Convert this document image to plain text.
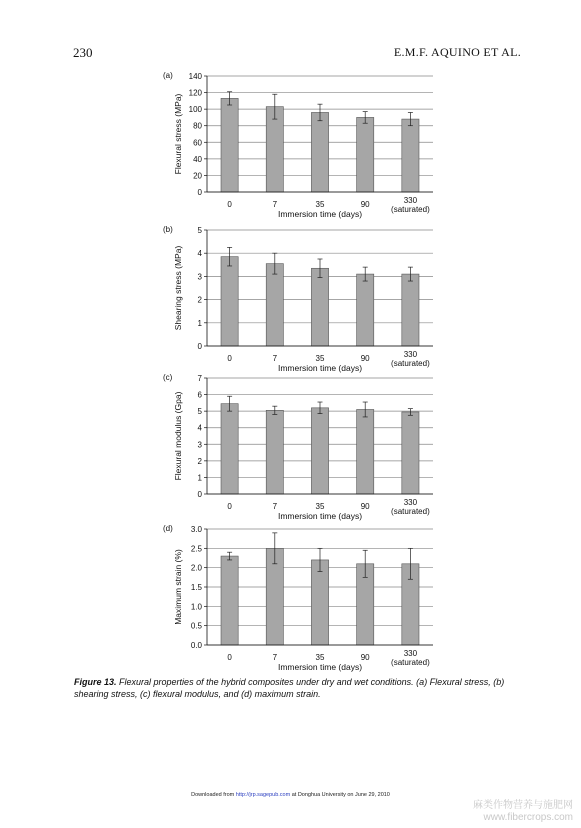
230	E.M.F. AQUINO ET AL.
(a)
0
20
40
60
80
100
120
140
0	7	35	90	330
(saturated)
Immersion time (days)
Flexural stress (MPa)
(b)
0
1
2
3
4
5
0	7	35	90	330
(saturated)
Immersion time (days)
Shearing stress (MPa)
(c)
0
1
2
3
4
5
6
7
0	7	35	90	330
(saturated)
Immersion time (days)
Flexural modulus (Gpa)
(d)
0.0
0.5
1.0
1.5
2.0
2.5
3.0
0	7	35	90	330
(saturated)
Immersion time (days)
Maximum strain (%)
Figure 13. Flexural properties of the hybrid composites under dry and wet conditions. (a) Flexural stress, (b) shearing stress, (c) flexural modulus, and (d) maximum strain.
Downloaded from http://jrp.sagepub.com at Donghua University on June 29, 2010
麻类作物营养与施肥网
www.fibercrops.com
